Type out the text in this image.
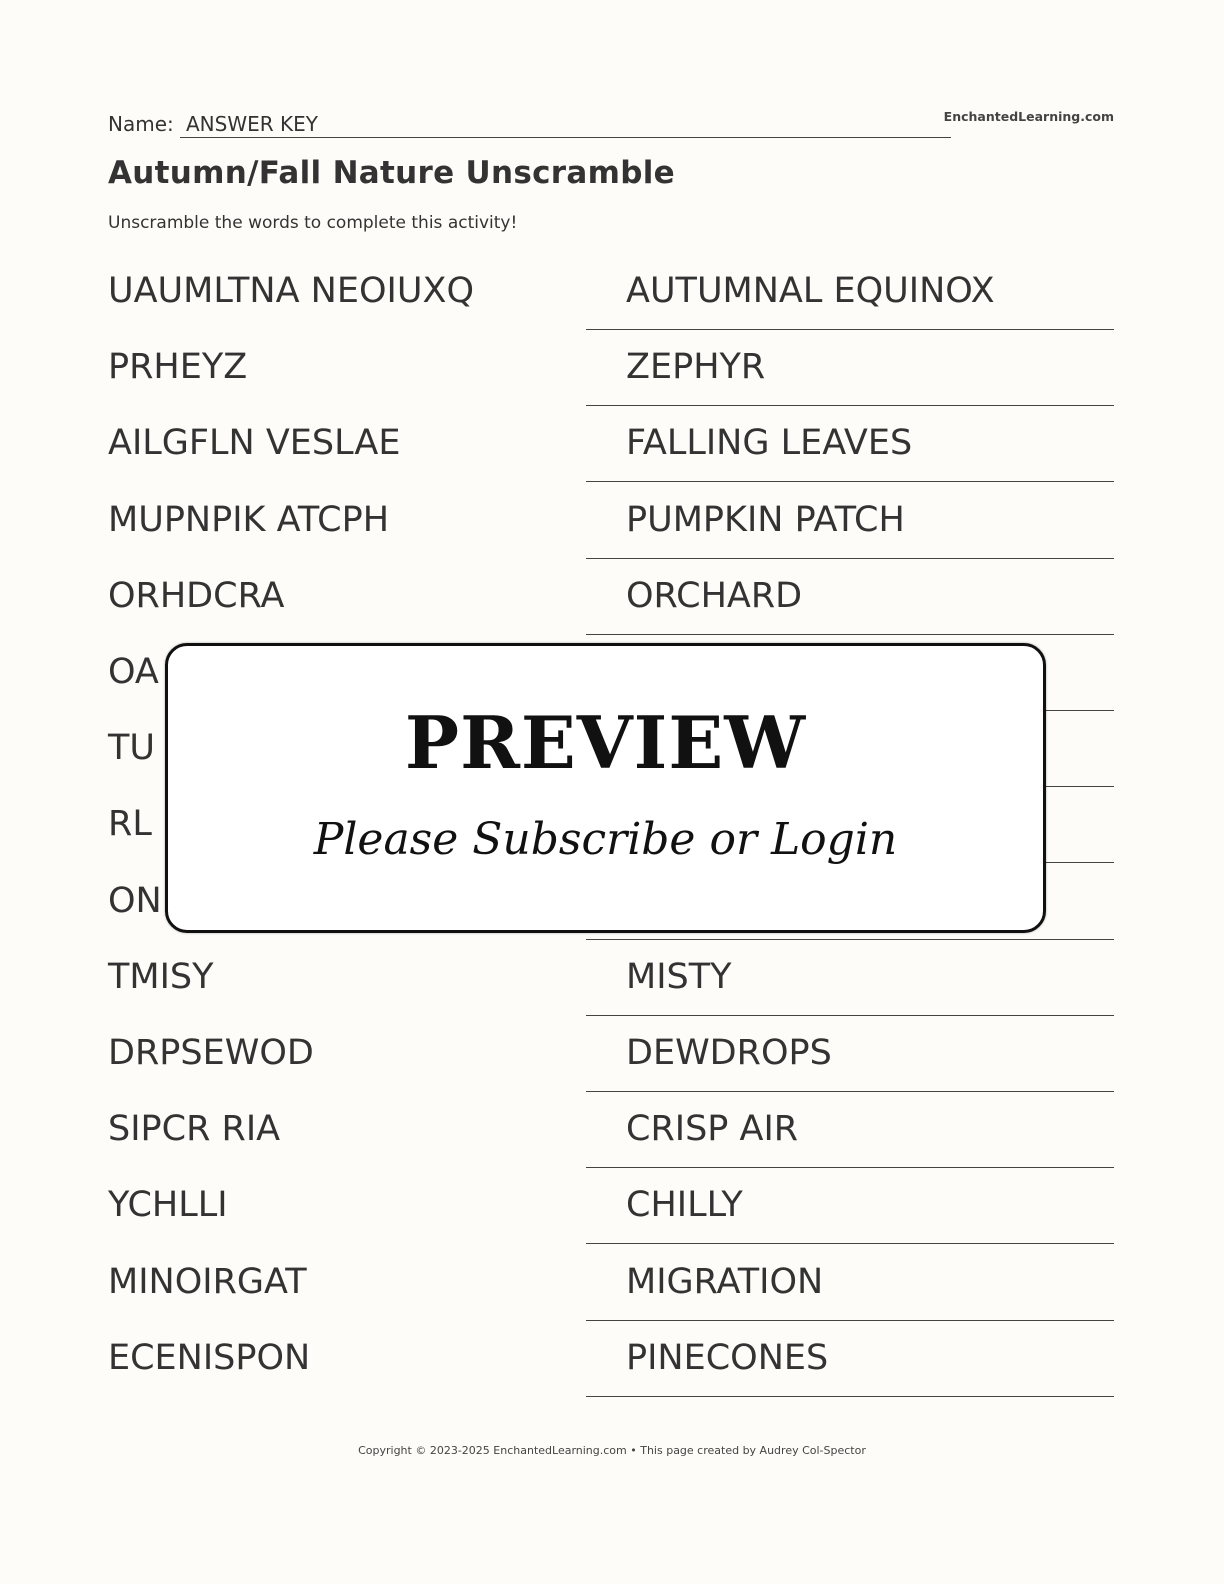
Name: ANSWER KEY	EnchantedLearning.com
Autumn/Fall Nature Unscramble
Unscramble the words to complete this activity!
UAUMLTNA NEOIUXQ	AUTUMNAL EQUINOX
PRHEYZ	ZEPHYR
AILGFLN VESLAE	FALLING LEAVES
MUPNPIK ATCPH	PUMPKIN PATCH
ORHDCRA	ORCHARD
OA
TU
RL
ON
TMISY	MISTY
DRPSEWOD	DEWDROPS
SIPCR RIA	CRISP AIR
YCHLLI	CHILLY
MINOIRGAT	MIGRATION
ECENISPON	PINECONES
PREVIEW
Please Subscribe or Login
Copyright © 2023-2025 EnchantedLearning.com • This page created by Audrey Col-Spector
